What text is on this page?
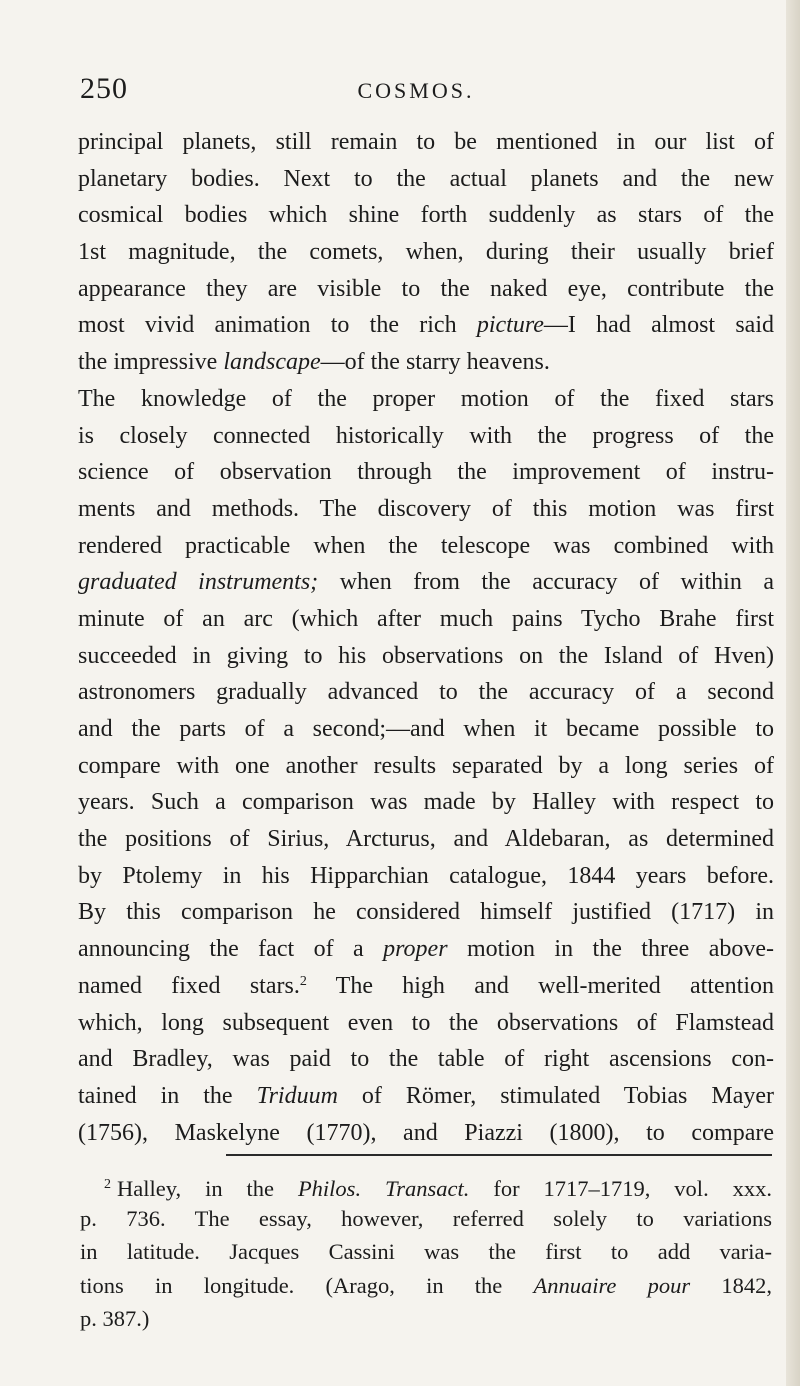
250	COSMOS.
principal planets, still remain to be mentioned in our list of
planetary bodies. Next to the actual planets and the new
cosmical bodies which shine forth suddenly as stars of the
1st magnitude, the comets, when, during their usually brief
appearance they are visible to the naked eye, contribute the
most vivid animation to the rich picture—I had almost said
the impressive landscape—of the starry heavens.
The knowledge of the proper motion of the fixed stars
is closely connected historically with the progress of the
science of observation through the improvement of instru-
ments and methods. The discovery of this motion was first
rendered practicable when the telescope was combined with
graduated instruments; when from the accuracy of within a
minute of an arc (which after much pains Tycho Brahe first
succeeded in giving to his observations on the Island of Hven)
astronomers gradually advanced to the accuracy of a second
and the parts of a second;—and when it became possible to
compare with one another results separated by a long series of
years. Such a comparison was made by Halley with respect to
the positions of Sirius, Arcturus, and Aldebaran, as determined
by Ptolemy in his Hipparchian catalogue, 1844 years before.
By this comparison he considered himself justified (1717) in
announcing the fact of a proper motion in the three above-
named fixed stars.$^2$ The high and well-merited attention
which, long subsequent even to the observations of Flamstead
and Bradley, was paid to the table of right ascensions con-
tained in the Triduum of Römer, stimulated Tobias Mayer
(1756), Maskelyne (1770), and Piazzi (1800), to compare
$^2$ Halley, in the Philos. Transact. for 1717–1719, vol. xxx.
p. 736. The essay, however, referred solely to variations
in latitude. Jacques Cassini was the first to add varia-
tions in longitude. (Arago, in the Annuaire pour 1842,
p. 387.)
